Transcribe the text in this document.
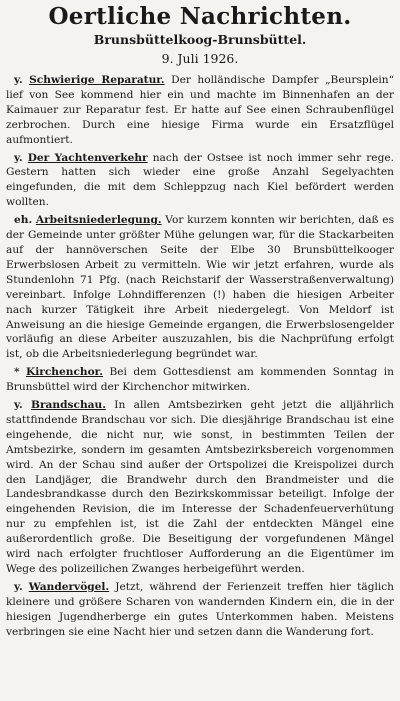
Oertliche Nachrichten.
Brunsbüttelkoog-Brunsbüttel.
9. Juli 1926.

y. Schwierige Reparatur. Der holländische Dampfer „Beursplein“ lief von See kommend hier ein und machte im Binnenhafen an der Kaimauer zur Reparatur fest. Er hatte auf See einen Schraubenflügel zerbrochen. Durch eine hiesige Firma wurde ein Ersatzflügel aufmontiert.

y. Der Yachtenverkehr nach der Ostsee ist noch immer sehr rege. Gestern hatten sich wieder eine große Anzahl Segelyachten eingefunden, die mit dem Schleppzug nach Kiel befördert werden wollten.

eh. Arbeitsniederlegung. Vor kurzem konnten wir berichten, daß es der Gemeinde unter größter Mühe gelungen war, für die Stackarbeiten auf der hannöverschen Seite der Elbe 30 Brunsbüttelkooger Erwerbslosen Arbeit zu vermitteln. Wie wir jetzt erfahren, wurde als Stundenlohn 71 Pfg. (nach Reichstarif der Wasserstraßenverwaltung) vereinbart. Infolge Lohndifferenzen (!) haben die hiesigen Arbeiter nach kurzer Tätigkeit ihre Arbeit niedergelegt. Von Meldorf ist Anweisung an die hiesige Gemeinde ergangen, die Erwerbslosengelder vorläufig an diese Arbeiter auszuzahlen, bis die Nachprüfung erfolgt ist, ob die Arbeitsniederlegung begründet war.

* Kirchenchor. Bei dem Gottesdienst am kommenden Sonntag in Brunsbüttel wird der Kirchenchor mitwirken.

y. Brandschau. In allen Amtsbezirken geht jetzt die alljährlich stattfindende Brandschau vor sich. Die diesjährige Brandschau ist eine eingehende, die nicht nur, wie sonst, in bestimmten Teilen der Amtsbezirke, sondern im gesamten Amtsbezirksbereich vorgenommen wird. An der Schau sind außer der Ortspolizei die Kreispolizei durch den Landjäger, die Brandwehr durch den Brandmeister und die Landesbrandkasse durch den Bezirkskommissar beteiligt. Infolge der eingehenden Revision, die im Interesse der Schadenfeuerverhütung nur zu empfehlen ist, ist die Zahl der entdeckten Mängel eine außerordentlich große. Die Beseitigung der vorgefundenen Mängel wird nach erfolgter fruchtloser Aufforderung an die Eigentümer im Wege des polizeilichen Zwanges herbeigeführt werden.

y. Wandervögel. Jetzt, während der Ferienzeit treffen hier täglich kleinere und größere Scharen von wandernden Kindern ein, die in der hiesigen Jugendherberge ein gutes Unterkommen haben. Meistens verbringen sie eine Nacht hier und setzen dann die Wanderung fort.
